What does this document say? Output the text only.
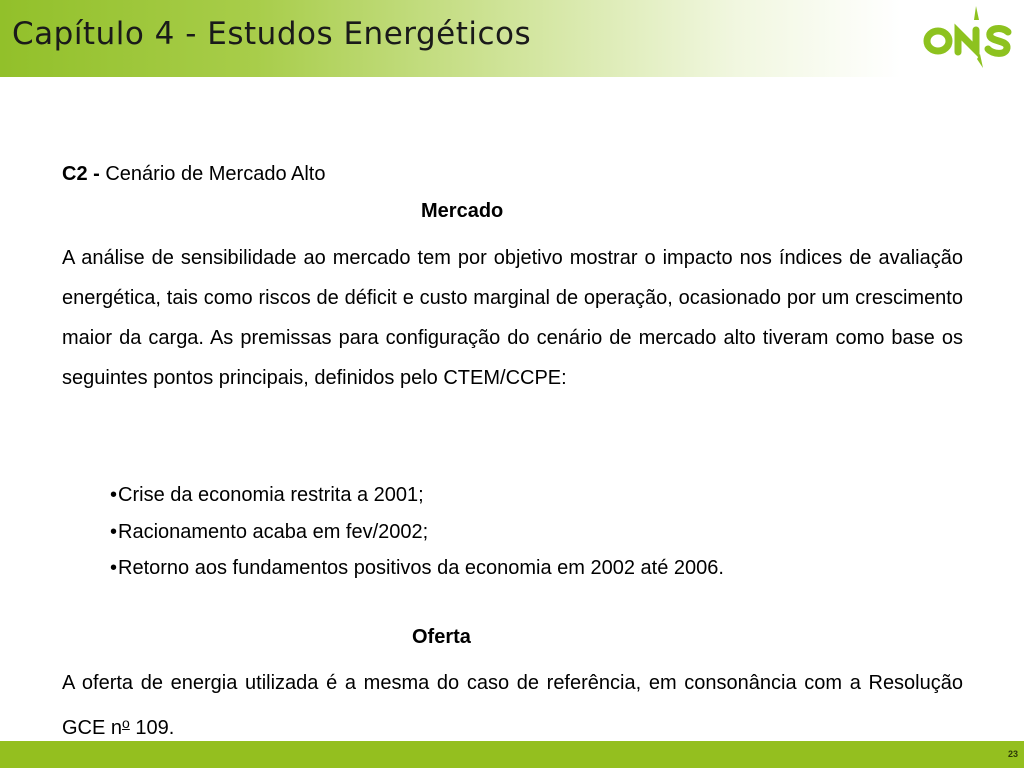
Capítulo 4 - Estudos Energéticos
C2 - Cenário de Mercado Alto
Mercado
A análise de sensibilidade ao mercado tem por objetivo mostrar o impacto nos índices de avaliação energética, tais como riscos de déficit e custo marginal de operação, ocasionado por um crescimento maior da carga. As premissas para configuração do cenário de mercado alto tiveram como base os seguintes pontos principais, definidos pelo CTEM/CCPE:
•Crise da economia restrita a 2001;
•Racionamento acaba em fev/2002;
•Retorno aos fundamentos positivos da economia em 2002 até 2006.
Oferta
A oferta de energia utilizada é a mesma do caso de referência, em consonância com a Resolução GCE $n^o$ 109.
23
